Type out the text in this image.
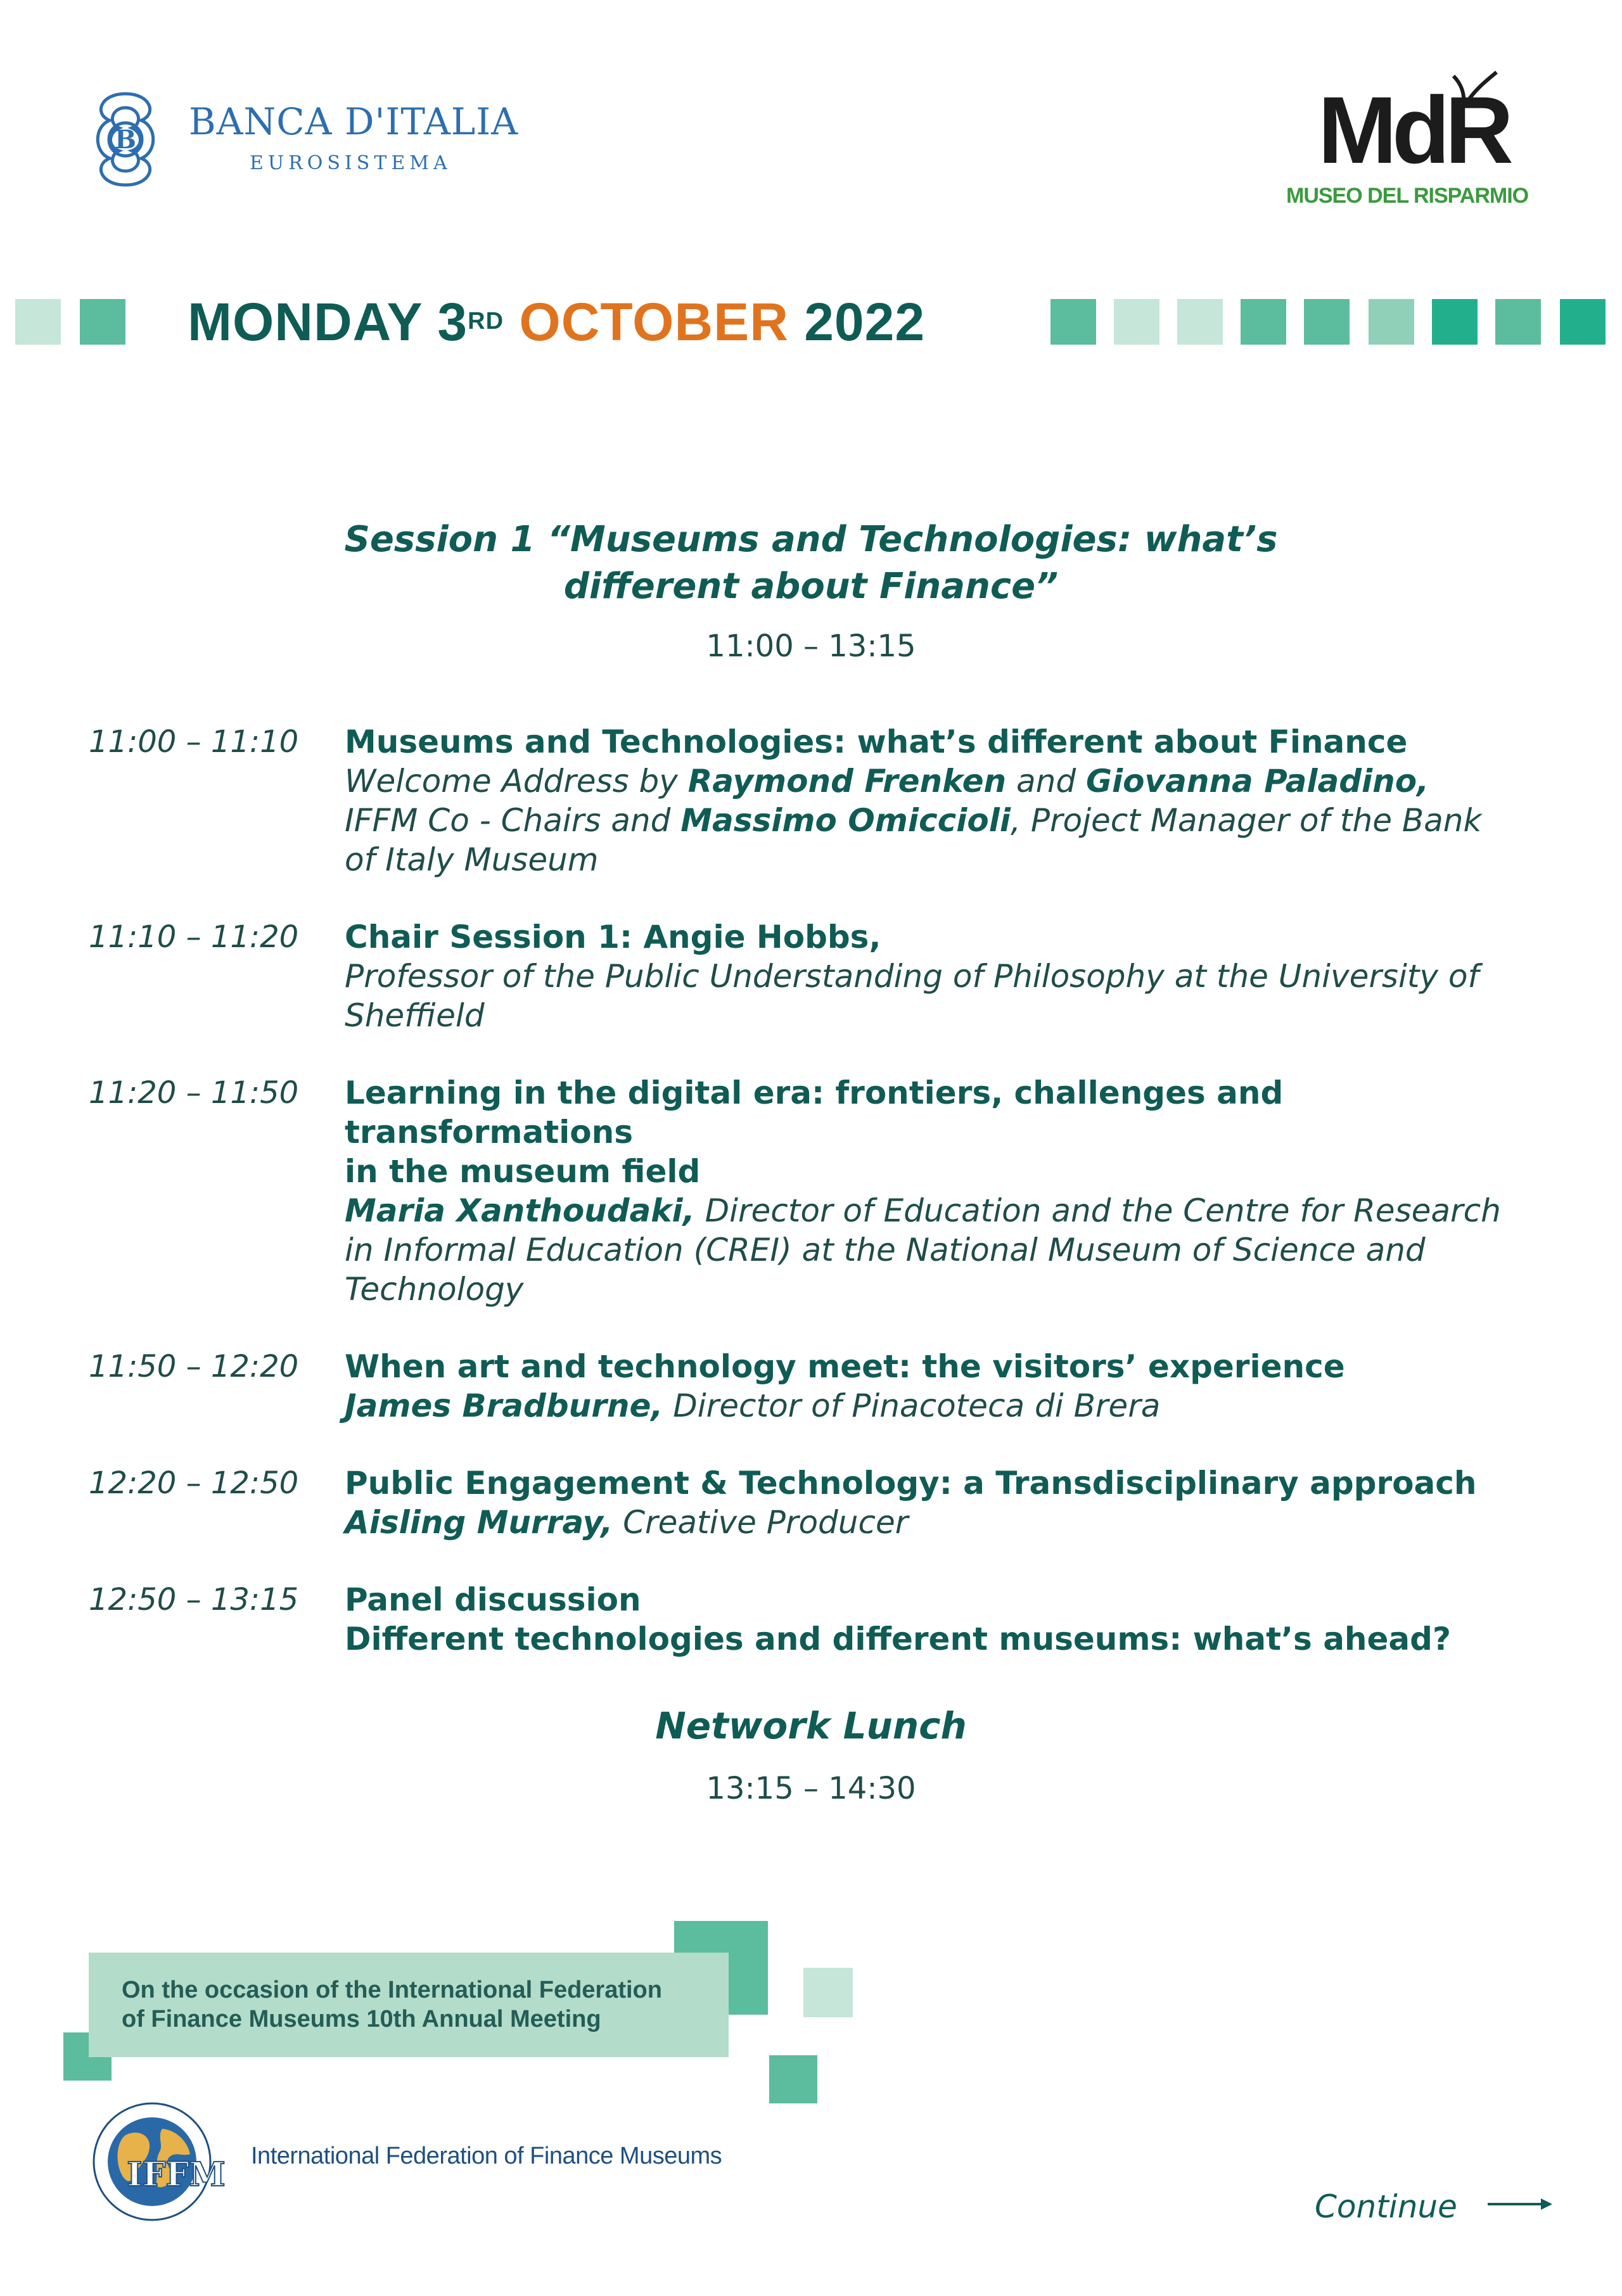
B BANCA D'ITALIA
EUROSISTEMA	MdR
MUSEO DEL RISPARMIO
MONDAY 3RD OCTOBER 2022
Session 1 “Museums and Technologies: what’s
different about Finance”
11:00 – 13:15
11:00 – 11:10	Museums and Technologies: what’s different about Finance
Welcome Address by Raymond Frenken and Giovanna Paladino,
IFFM Co - Chairs and Massimo Omiccioli, Project Manager of the Bank
of Italy Museum
11:10 – 11:20	Chair Session 1: Angie Hobbs,
Professor of the Public Understanding of Philosophy at the University of
Sheffield
11:20 – 11:50	Learning in the digital era: frontiers, challenges and transformations
in the museum field
Maria Xanthoudaki, Director of Education and the Centre for Research
in Informal Education (CREI) at the National Museum of Science and
Technology
11:50 – 12:20	When art and technology meet: the visitors’ experience
James Bradburne, Director of Pinacoteca di Brera
12:20 – 12:50	Public Engagement & Technology: a Transdisciplinary approach
Aisling Murray, Creative Producer
12:50 – 13:15	Panel discussion
Different technologies and different museums: what’s ahead?
Network Lunch
13:15 – 14:30
On the occasion of the International Federation
of Finance Museums 10th Annual Meeting
IFFM International Federation of Finance Museums
Continue
